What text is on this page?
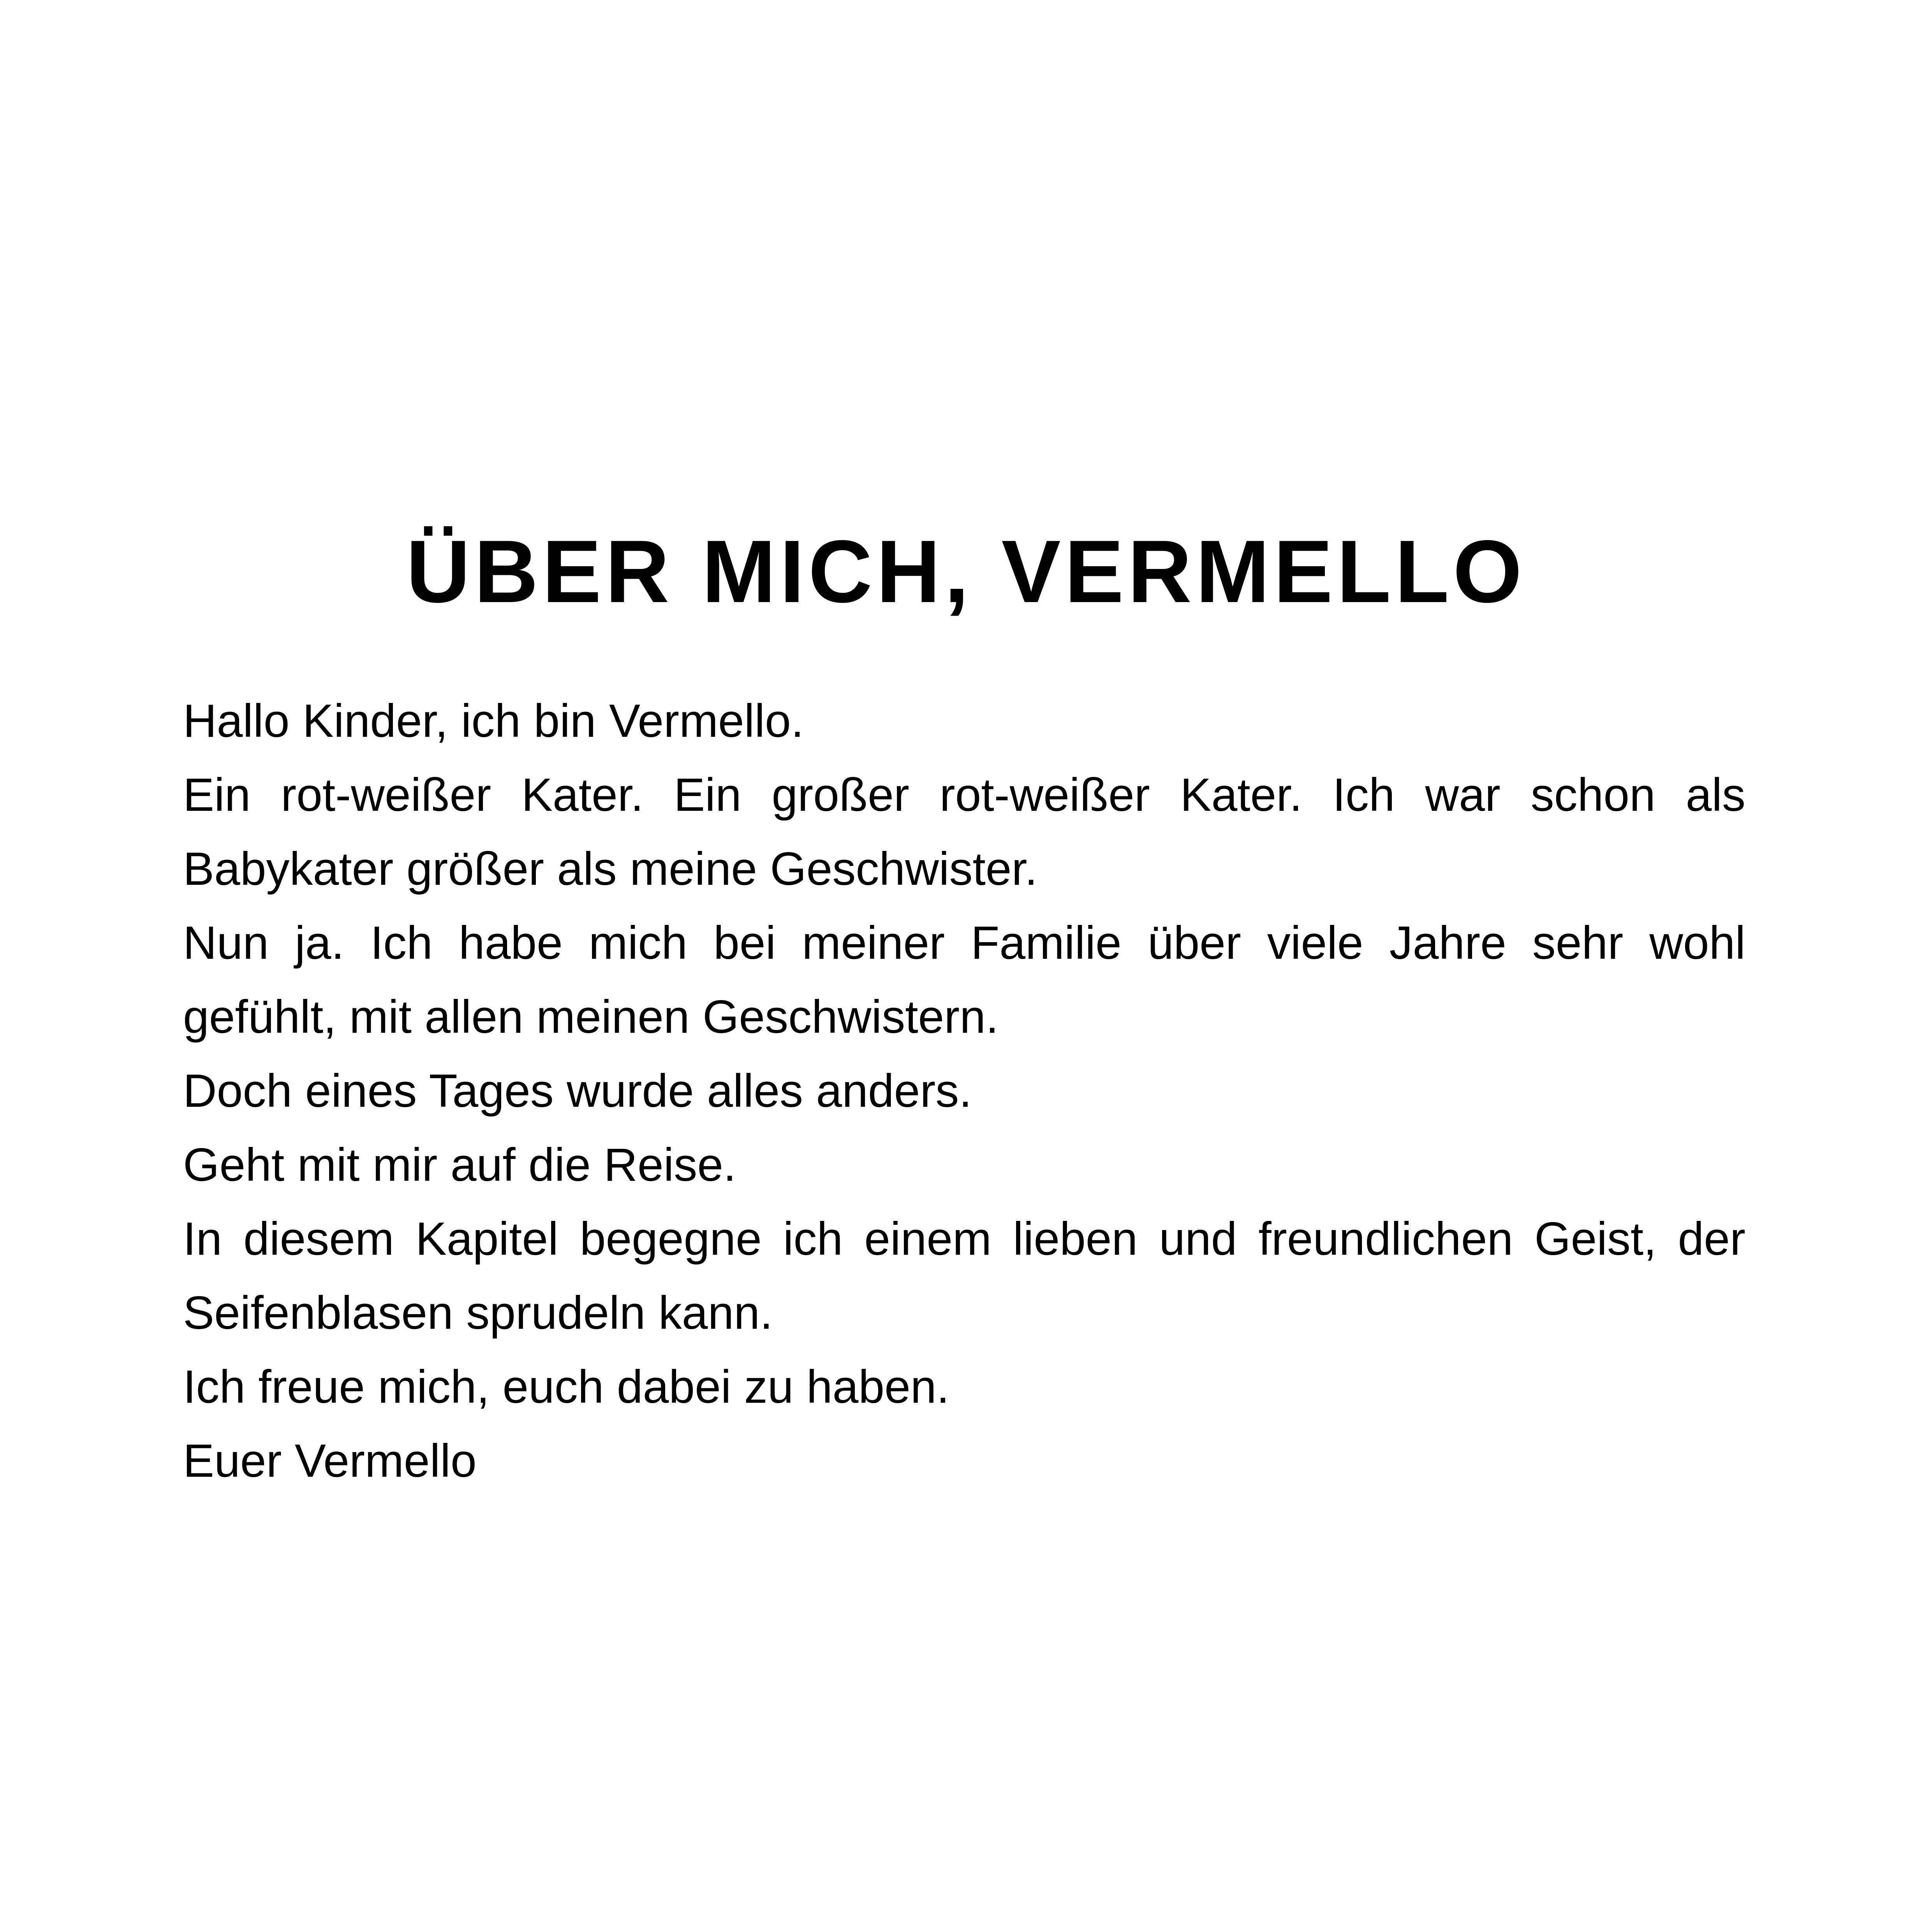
ÜBER MICH, VERMELLO

Hallo Kinder, ich bin Vermello.

Ein rot-weißer Kater. Ein großer rot-weißer Kater. Ich war schon als Babykater größer als meine Geschwister.

Nun ja. Ich habe mich bei meiner Familie über viele Jahre sehr wohl gefühlt, mit allen meinen Geschwistern.

Doch eines Tages wurde alles anders.

Geht mit mir auf die Reise.

In diesem Kapitel begegne ich einem lieben und freundlichen Geist, der Seifenblasen sprudeln kann.

Ich freue mich, euch dabei zu haben.

Euer Vermello
